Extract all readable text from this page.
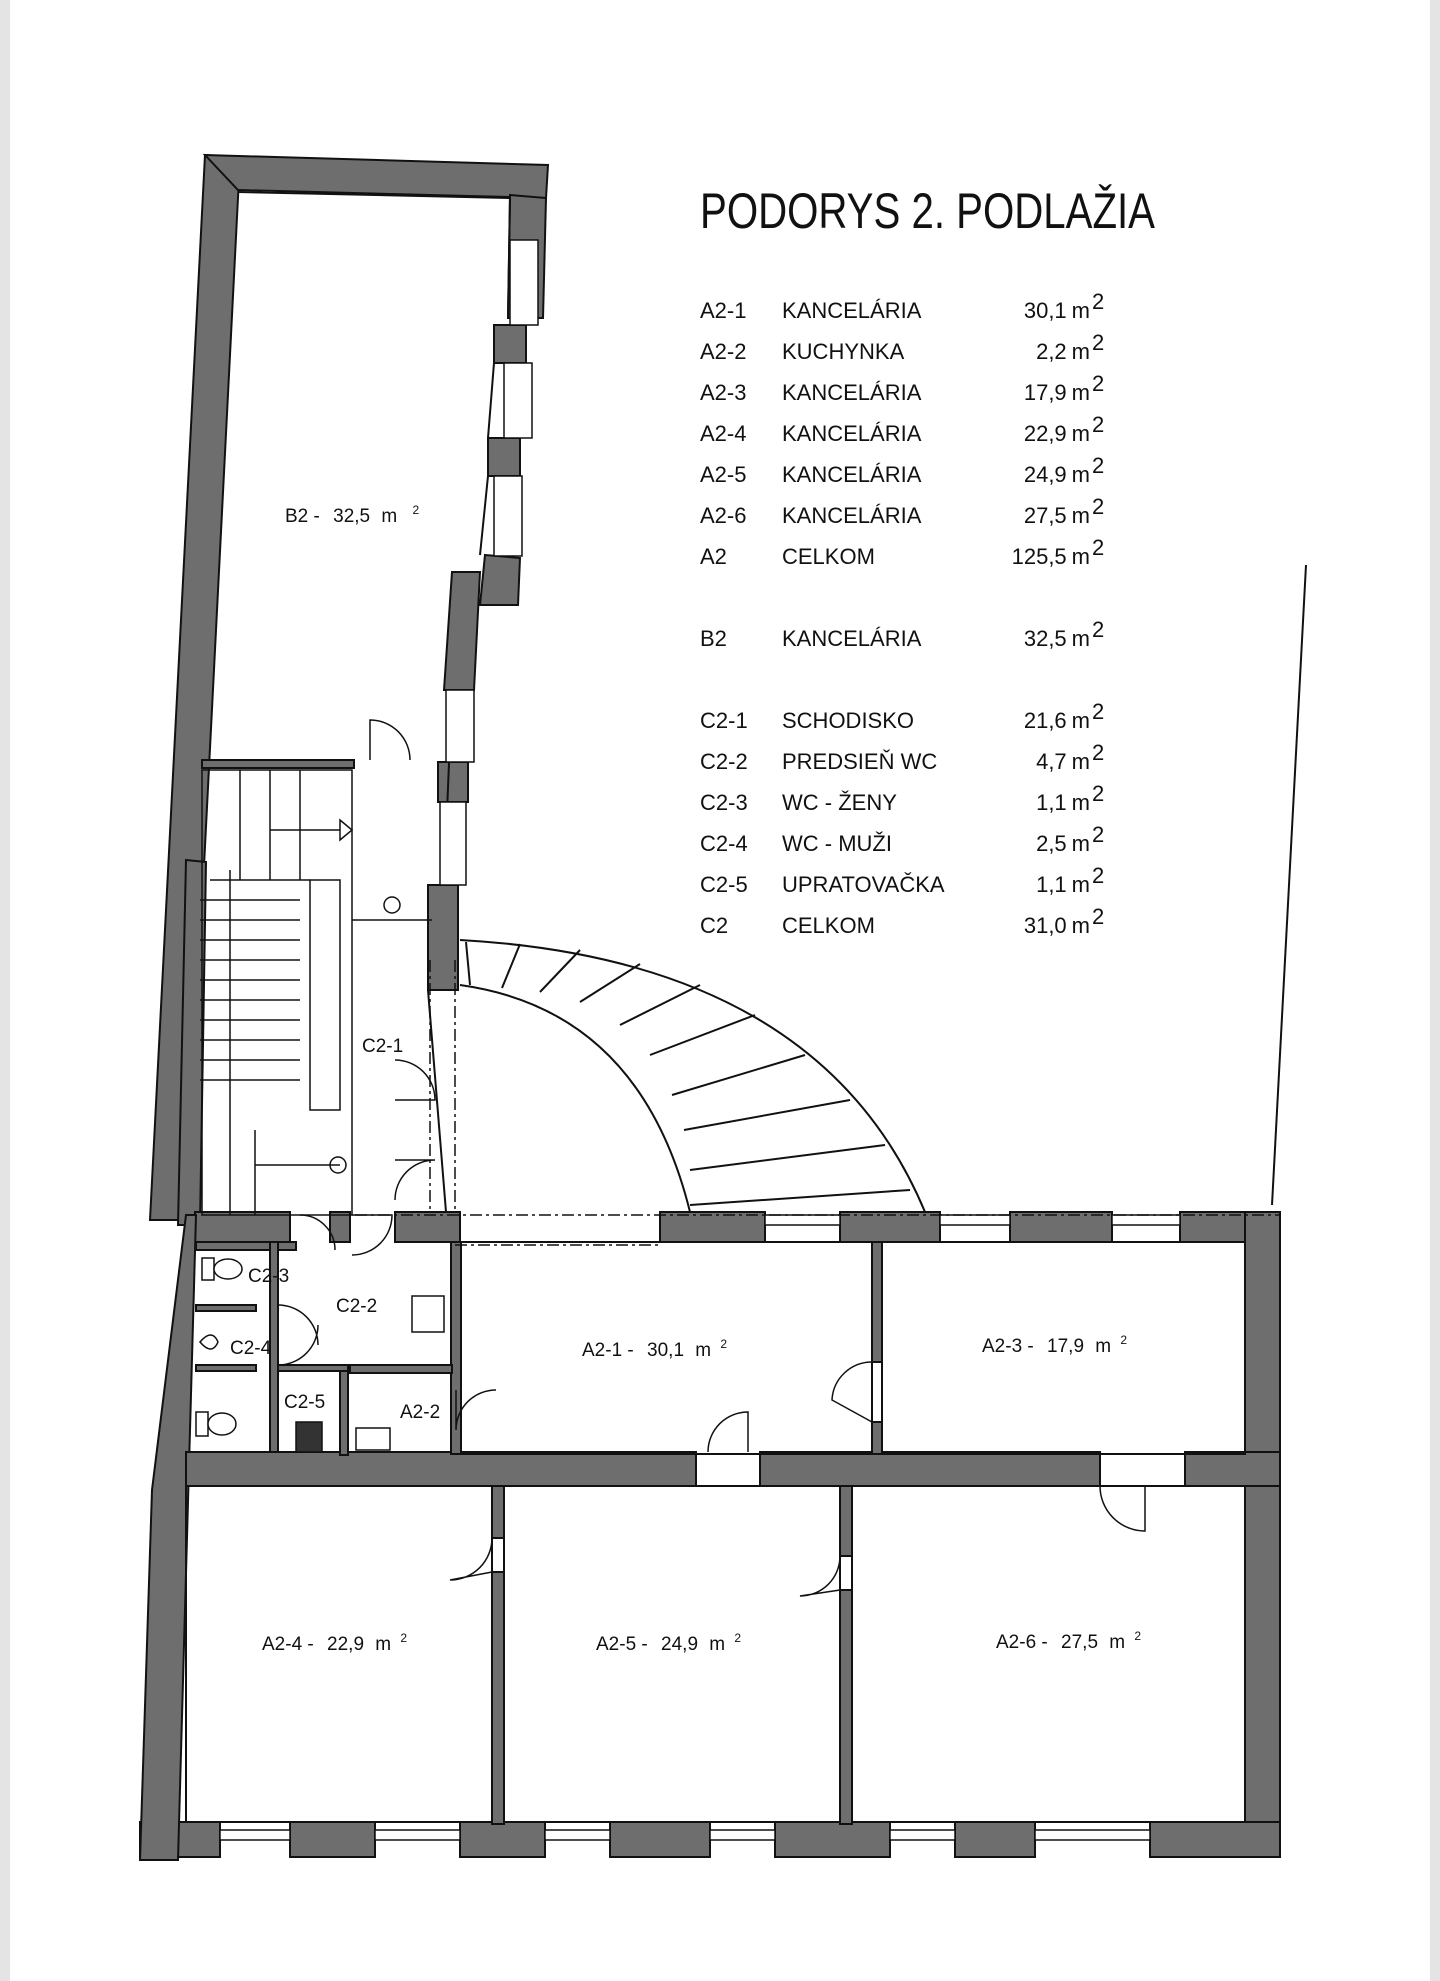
PODORYS 2. PODLAŽIA
A2-1 KANCELÁRIA	30,1 m 2
A2-2 KUCHYNKA	2,2 m 2
A2-3 KANCELÁRIA	17,9 m 2
A2-4 KANCELÁRIA	22,9 m 2
A2-5 KANCELÁRIA	24,9 m 2
A2-6 KANCELÁRIA	27,5 m 2
A2	CELKOM	125,5 m 2
B2	KANCELÁRIA	32,5 m 2
C2-1 SCHODISKO	21,6 m 2
C2-2 PREDSIEŇ WC	4,7 m 2
C2-3 WC - ŽENY	1,1 m 2
C2-4 WC - MUŽI	2,5 m 2
C2-5 UPRATOVAČKA	1,1 m 2
C2 CELKOM	31,0 m 2
B2 - 32,5 m $^2$
C2-1
C2-2
C2-3
C2-4
C2-5	A2-2
A2-1 - 30,1 m $^2$	A2-3 - 17,9 m $^2$
A2-4 - 22,9 m $^2$	A2-5 - 24,9 m $^2$	A2-6 - 27,5 m $^2$
